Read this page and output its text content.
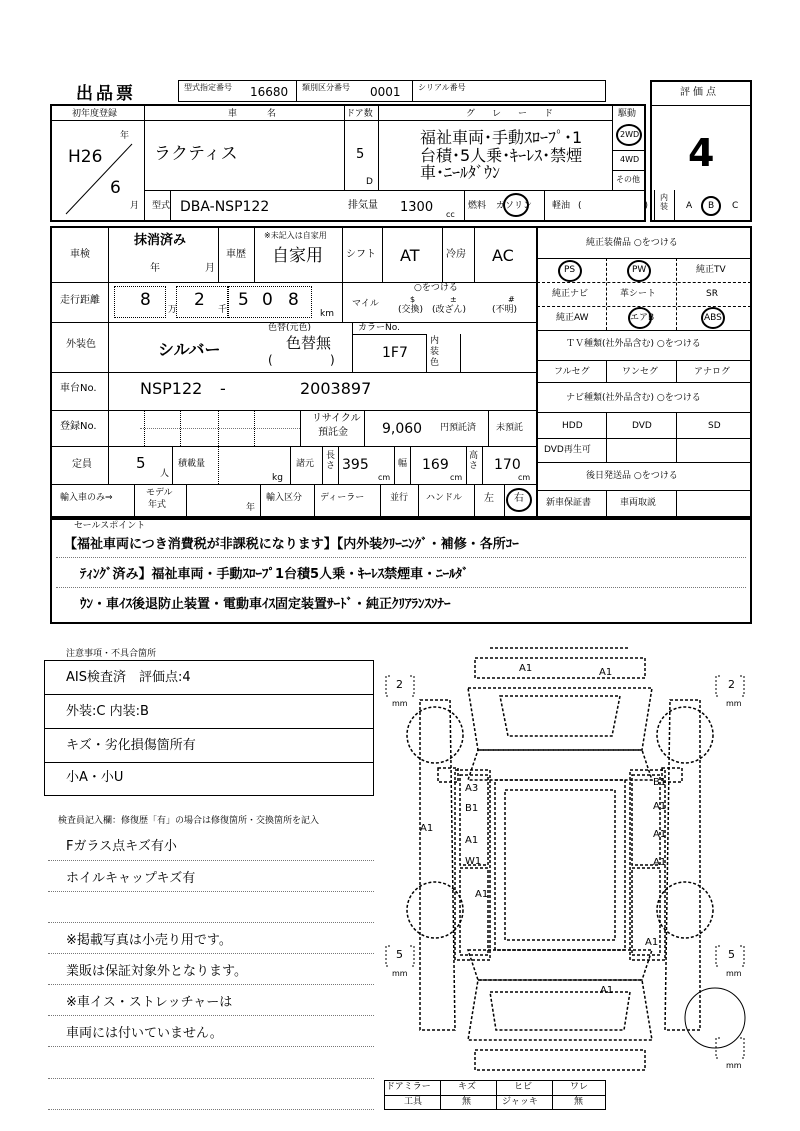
出品票	型式指定番号 16680 類別区分番号 0001 シリアル番号	評価点
4
初年度登録
年
月
H26
6
車　　名
ラクティス
ドア数
5
D
グ　レ　ー　ド
福祉車両･手動ｽﾛｰﾌﾟ･1
台積･5人乗･ｷｰﾚｽ･禁煙
車･ﾆｰﾙﾀﾞｳﾝ
駆動
2WD
4WD
その他
型式 DBA-NSP122	排気量 1300 cc
燃料 ガソリン 軽油 (　　　　　　　)
内装 A B C
車検
抹消済み
年	月
車歴
※未記入は自家用
自家用 シフト AT	冷房 AC
走行距離 8 万 2 千 5 0 8
km
○をつける
マイル	$
(交換)
±
(改ざん)
#
(不明)
外装色	シルバー
色替(元色)
色替無
(	)
カラーNo.
1F7
内装色
車台No.	NSP122 -	2003897
登録No.
リサイクル
預託金 9,060 円預託済 未預託
定員	5
人
積載量
kg
諸元
長さ 395
cm
幅 169
cm
高さ 170
cm
輸入車のみ⇒	モデル
年式	年
輸入区分 ディーラー	並行 ハンドル 左 右
純正装備品 ○をつける
PS	PW	純正TV
純正ナビ	革シート	SR
純正AW	エアB	ABS
ＴＶ種類(社外品含む) ○をつける
フルセグ	ワンセグ	アナログ
ナビ種類(社外品含む) ○をつける
HDD	DVD	SD
DVD再生可
後日発送品 ○をつける
新車保証書	車両取説
セールスポイント
【福祉車両につき消費税が非課税になります】【内外装ｸﾘｰﾆﾝｸﾞ・補修・各所ｺｰ
ﾃｨﾝｸﾞ済み】福祉車両・手動ｽﾛｰﾌﾟ1台積5人乗・ｷｰﾚｽ禁煙車・ﾆｰﾙﾀﾞ
ｳﾝ・車ｲｽ後退防止装置・電動車ｲｽ固定装置ｻｰﾄﾞ・純正ｸﾘｱﾗﾝｽｿﾅｰ
注意事項・不具合箇所
AIS検査済　評価点:4
外装:C 内装:B
キズ・劣化損傷箇所有
小A・小U
検査員記入欄：修復歴「有」の場合は修復箇所・交換箇所を記入
Fガラス点キズ有小
ホイルキャップキズ有
※掲載写真は小売り用です。
業販は保証対象外となります。
※車イス・ストレッチャーは
車両には付いていません。
A1	A1
A3
B1
A1
W1
B1
A1
A1
A1
A1
A1
A1
A1
2
mm
2
mm
5
mm
5
mm
mm
ドアミラー	キズ	ヒビ	ワレ
工具	無	ジャッキ	無
